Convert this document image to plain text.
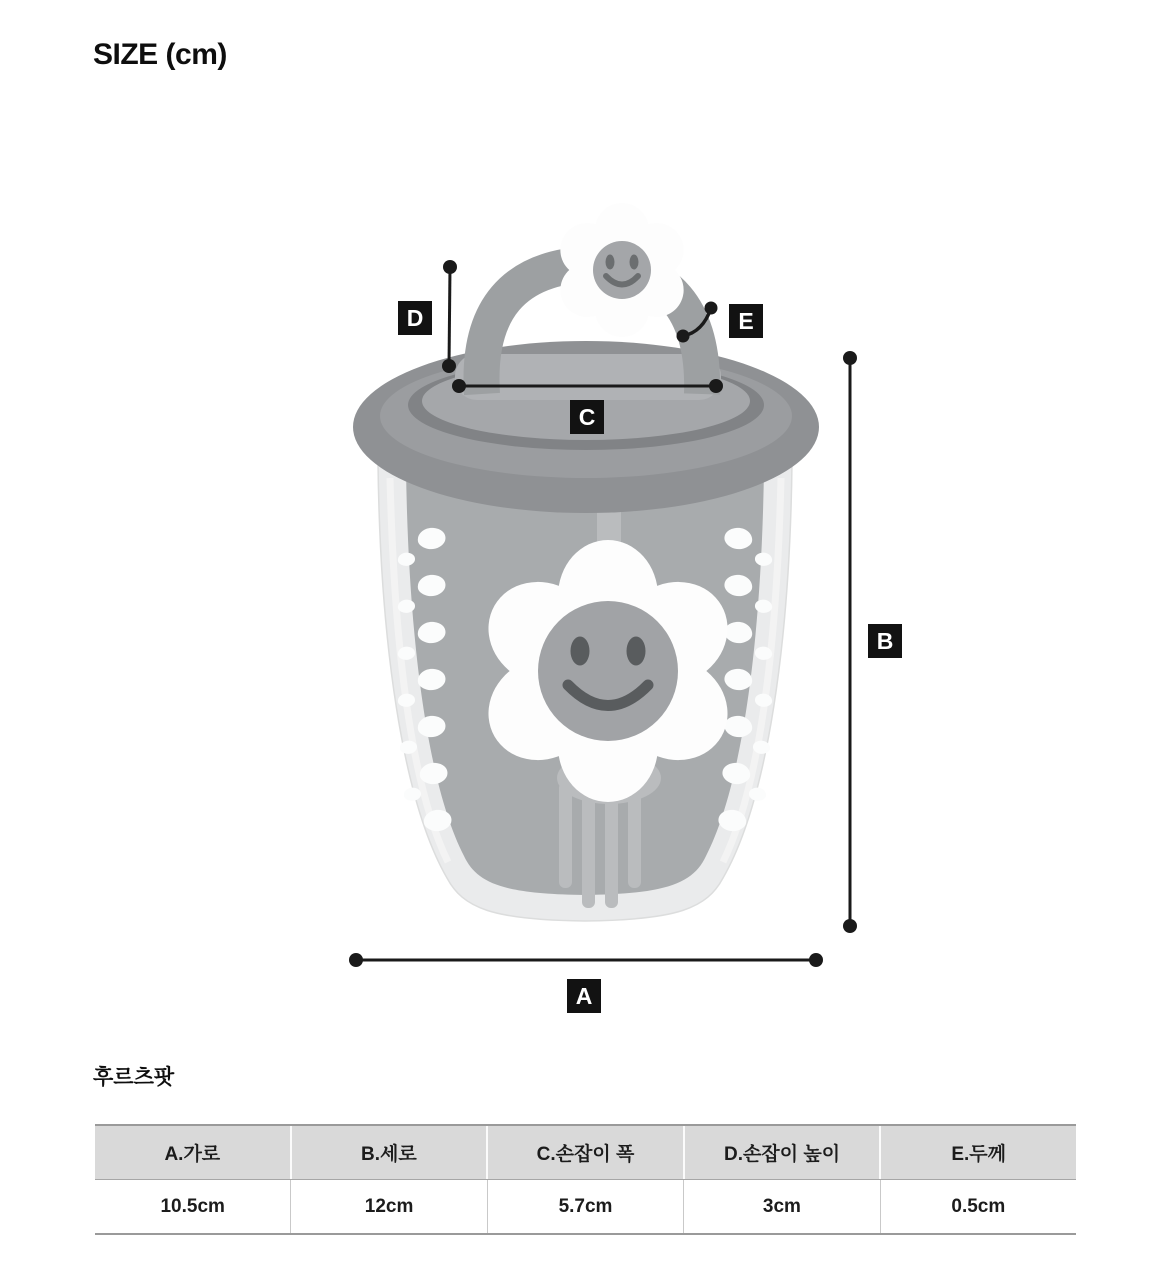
SIZE (cm)
A
B
C
D	E
후르츠팟
A.가로	B.세로	C.손잡이 폭	D.손잡이 높이	E.두께
10.5cm	12cm	5.7cm	3cm	0.5cm
